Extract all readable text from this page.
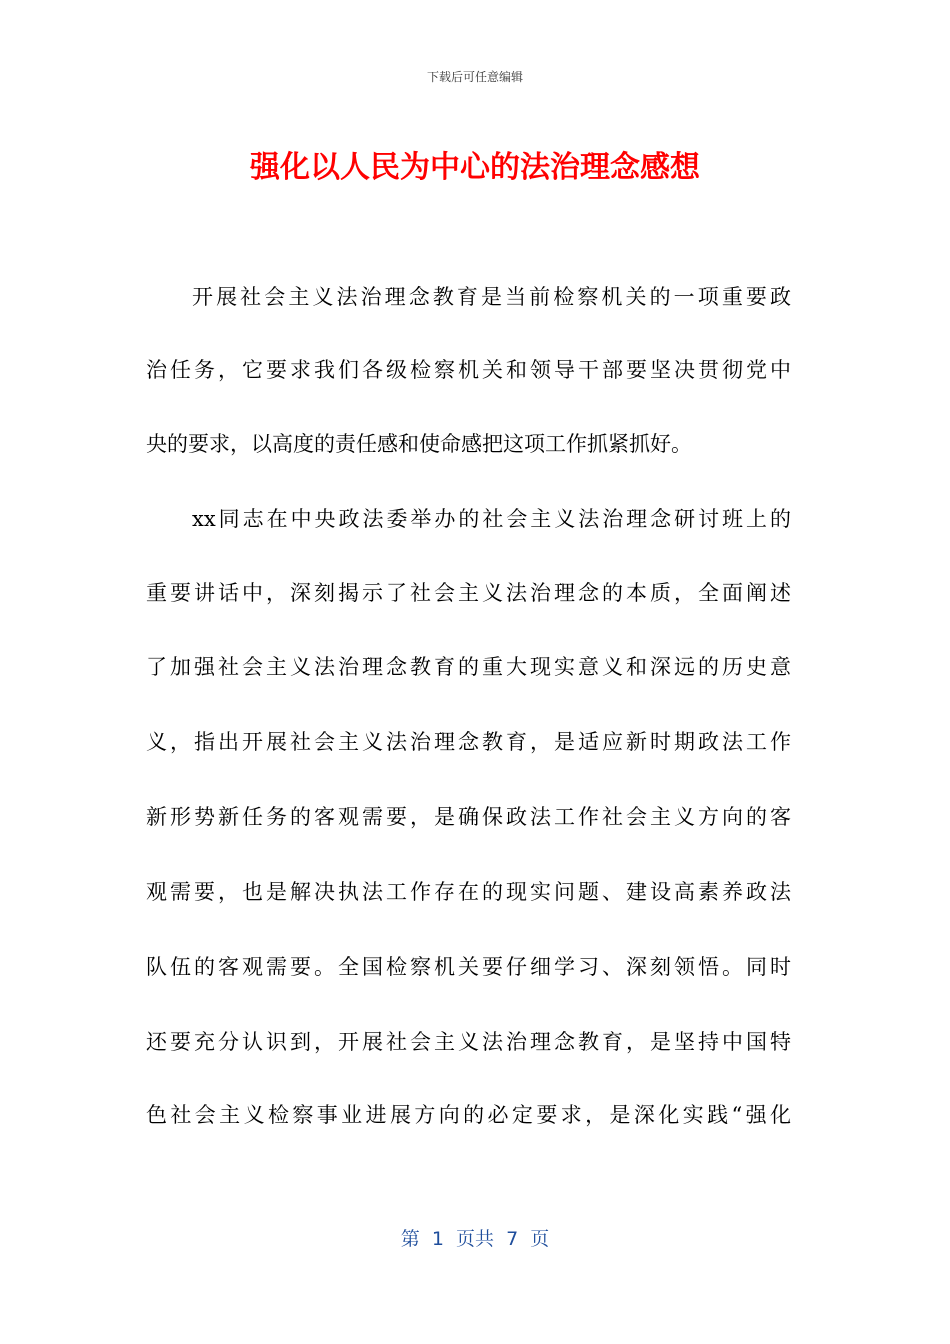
下载后可任意编辑
强化以人民为中心的法治理念感想
开展社会主义法治理念教育是当前检察机关的一项重要政
治任务，它要求我们各级检察机关和领导干部要坚决贯彻党中
央的要求，以高度的责任感和使命感把这项工作抓紧抓好。
xx同志在中央政法委举办的社会主义法治理念研讨班上的
重要讲话中，深刻揭示了社会主义法治理念的本质，全面阐述
了加强社会主义法治理念教育的重大现实意义和深远的历史意
义，指出开展社会主义法治理念教育，是适应新时期政法工作
新形势新任务的客观需要，是确保政法工作社会主义方向的客
观需要，也是解决执法工作存在的现实问题、建设高素养政法
队伍的客观需要。全国检察机关要仔细学习、深刻领悟。同时
还要充分认识到，开展社会主义法治理念教育，是坚持中国特
色社会主义检察事业进展方向的必定要求，是深化实践“强化
第  1  页共  7  页
